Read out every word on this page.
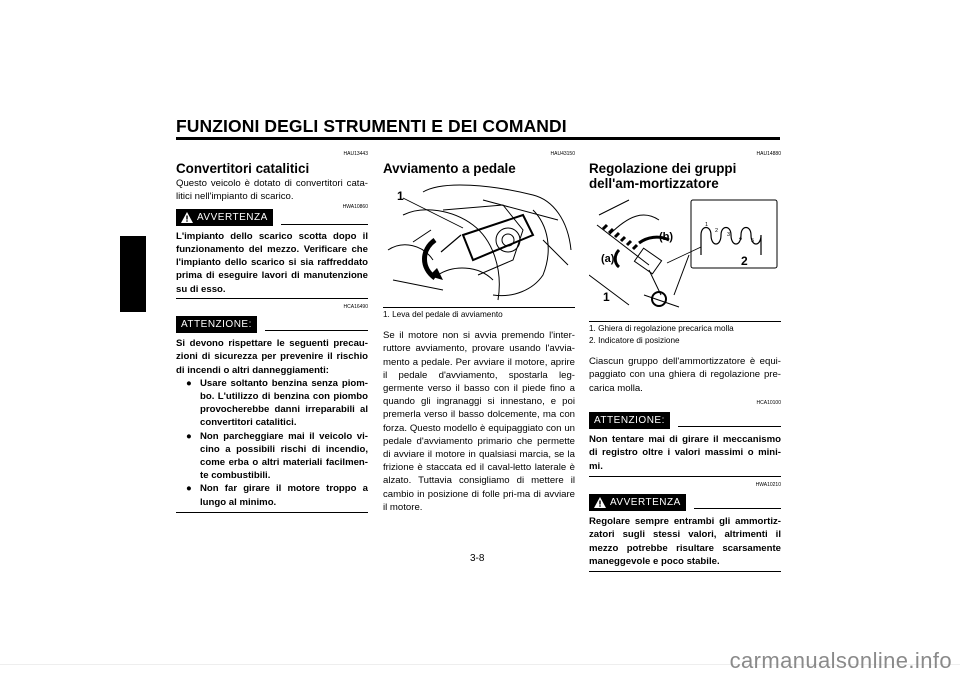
FUNZIONI DEGLI STRUMENTI E DEI COMANDI
3
HAU13443
Convertitori catalitici
Questo veicolo è dotato di convertitori cata-litici nell'impianto di scarico.
AVVERTENZA
HWA10860
L'impianto dello scarico scotta dopo il funzionamento del mezzo. Verificare che l'impianto dello scarico si sia raffreddato prima di eseguire lavori di manutenzione su di esso.
HCA16490
ATTENZIONE:
Si devono rispettare le seguenti precau-zioni di sicurezza per prevenire il rischio di incendi o altri danneggiamenti:
● Usare soltanto benzina senza piom-bo. L'utilizzo di benzina con piombo provocherebbe danni irreparabili al convertitori catalitici.
● Non parcheggiare mai il veicolo vi-cino a possibili rischi di incendio, come erba o altri materiali facilmen-te combustibili.
● Non far girare il motore troppo a lungo al minimo.
HAU43150
Avviamento a pedale
1
1. Leva del pedale di avviamento
Se il motore non si avvia premendo l'inter-ruttore avviamento, provare usando l'avvia-mento a pedale. Per avviare il motore, aprire il pedale d'avviamento, spostarla leg-germente verso il basso con il piede fino a quando gli ingranaggi si innestano, e poi premerla verso il basso dolcemente, ma con forza. Questo modello è equipaggiato con un pedale d'avviamento primario che permette di avviare il motore in qualsiasi marcia, se la frizione è staccata ed il caval-letto laterale è alzato. Tuttavia consigliamo di mettere il cambio in posizione di folle pri-ma di avviare il motore.
HAU14880
Regolazione dei gruppi dell'am-mortizzatore
(a)
(b)
1
2
1
2
3
4 5
1. Ghiera di regolazione precarica molla
2. Indicatore di posizione
Ciascun gruppo dell'ammortizzatore è equi-paggiato con una ghiera di regolazione pre-carica molla.
HCA10100
ATTENZIONE:
Non tentare mai di girare il meccanismo di registro oltre i valori massimi o mini-mi.
HWA10210
AVVERTENZA
Regolare sempre entrambi gli ammortiz-zatori sugli stessi valori, altrimenti il mezzo potrebbe risultare scarsamente maneggevole e poco stabile.
3-8
carmanualsonline.info
